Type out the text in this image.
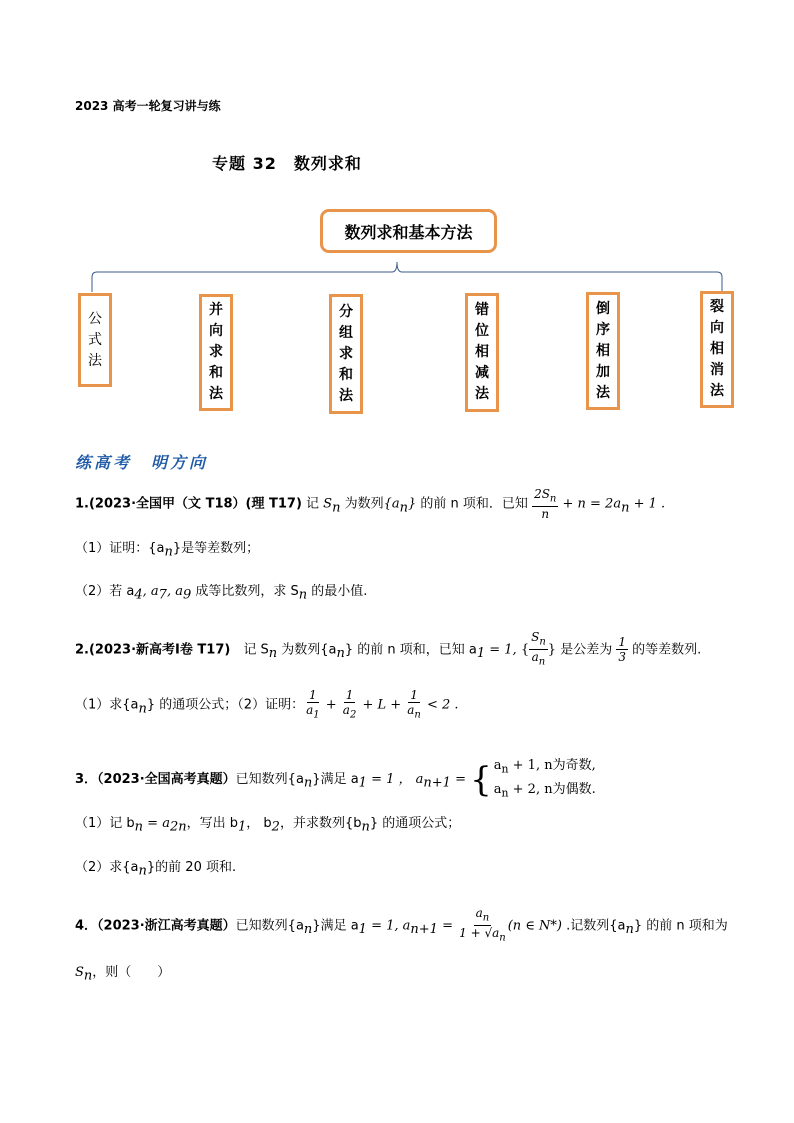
2023 高考一轮复习讲与练
专题 32　数列求和
数列求和基本方法
公
式
法
并
向
求
和
法
分
组
求
和
法
错
位
相
减
法
倒
序
相
加
法
裂
向
相
消
法
练高考　明方向
1.(2023·全国甲（文 T18）(理 T17) 记 $S_n$ 为数列$\{a_n\}$ 的前 n 项和．已知 $\frac{2S_n}{n} + n = 2a_n + 1$ .
（1）证明：$\{a_n\}$是等差数列；
（2）若 $a_4$, $a_7$, $a_9$ 成等比数列，求 $S_n$ 的最小值.
2.(2023·新高考Ⅰ卷 T17)　记 $S_n$ 为数列$\{a_n\}$ 的前 n 项和，已知 $a_1 = 1$, { $\frac{S_n}{a_n}$ } 是公差为 $\frac{1}{3}$ 的等差数列.
（1）求$\{a_n\}$ 的通项公式；（2）证明： $\frac{1}{a_1} + \frac{1}{a_2} + L + \frac{1}{a_n} < 2$ .
3．（2023·全国高考真题）已知数列$\{a_n\}$满足 $a_1 = 1$ ， $a_{n+1}$ = { $a_n + 1$, n为奇数,
$a_n + 2$, n为偶数.
（1）记 $b_n = a_{2n}$，写出 $b_1$， $b_2$，并求数列$\{b_n\}$ 的通项公式；
（2）求$\{a_n\}$的前 20 项和.
4．（2023·浙江高考真题）已知数列$\{a_n\}$满足 $a_1 = 1$, $a_{n+1} = \frac{a_n}{1 + √a_n} (n$ ∈ N*) .记数列$\{a_n\}$ 的前 n 项和为
$S_n$，则（　　）
